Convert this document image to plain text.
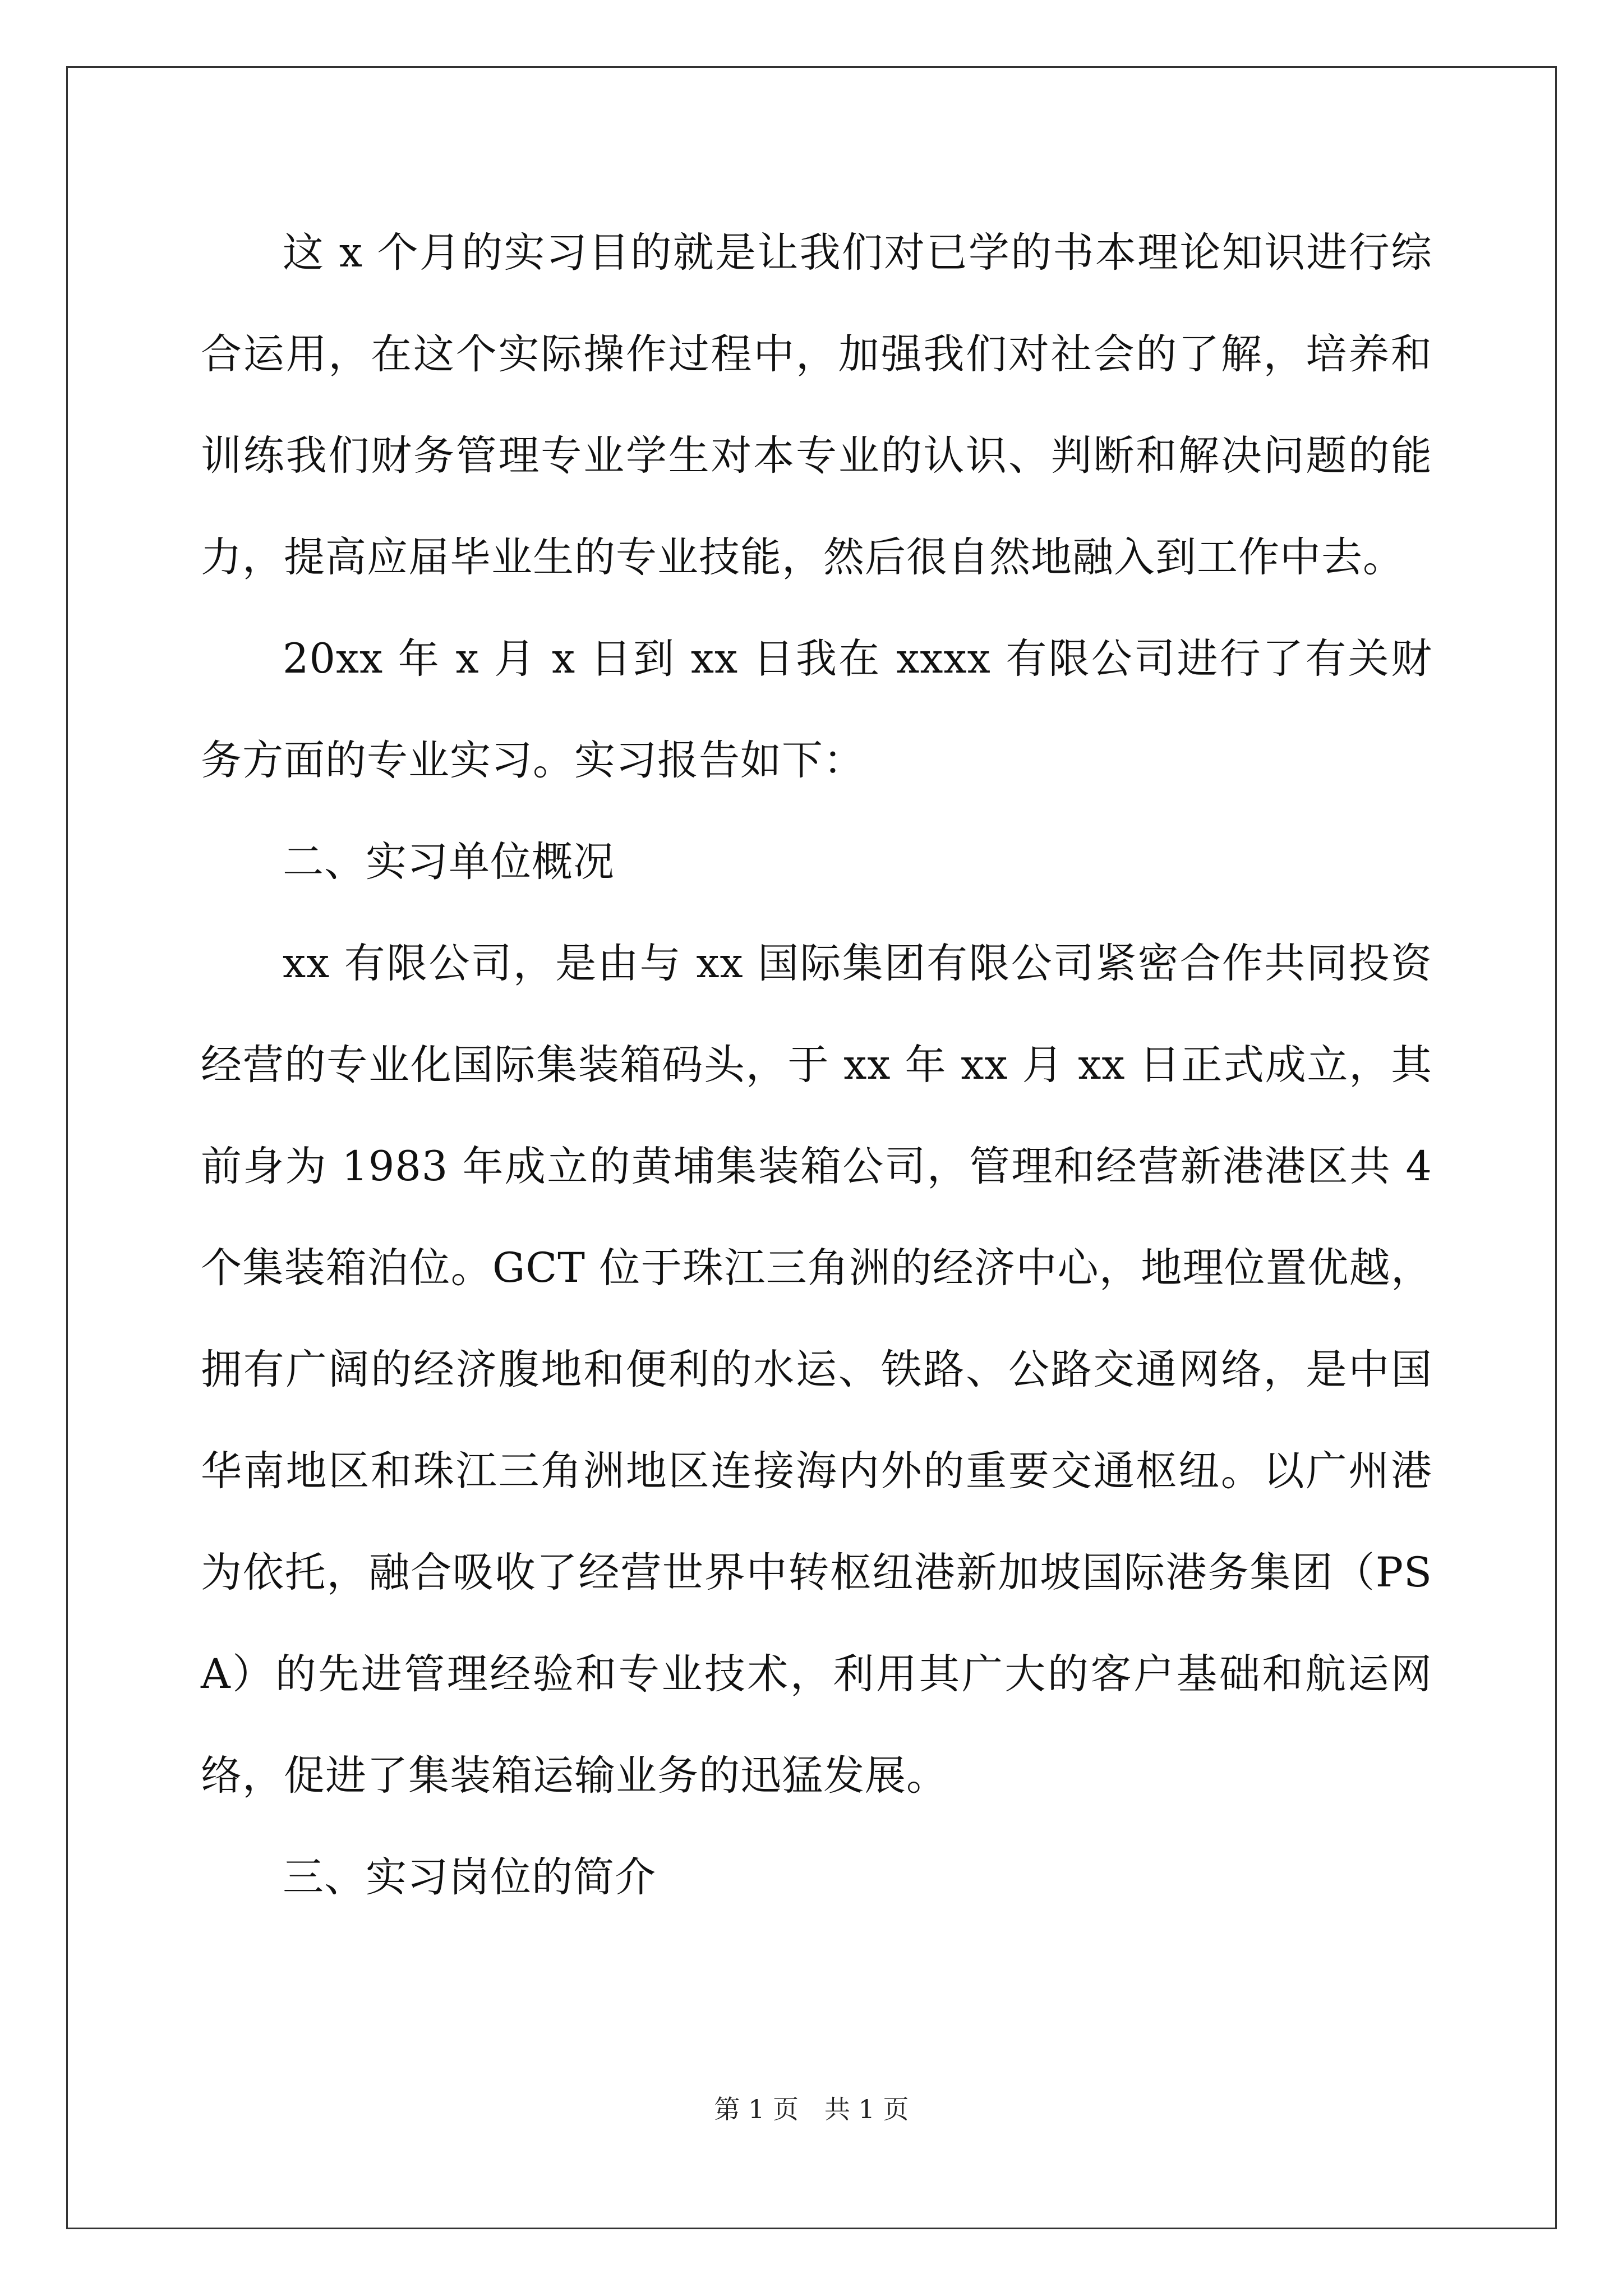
这 x 个月的实习目的就是让我们对已学的书本理论知识进行综合运用，在这个实际操作过程中，加强我们对社会的了解，培养和训练我们财务管理专业学生对本专业的认识、判断和解决问题的能力，提高应届毕业生的专业技能，然后很自然地融入到工作中去。

20xx 年 x 月 x 日到 xx 日我在 xxxx 有限公司进行了有关财务方面的专业实习。实习报告如下：

二、实习单位概况

xx 有限公司，是由与 xx 国际集团有限公司紧密合作共同投资经营的专业化国际集装箱码头，于 xx 年 xx 月 xx 日正式成立，其前身为 1983 年成立的黄埔集装箱公司，管理和经营新港港区共 4 个集装箱泊位。GCT 位于珠江三角洲的经济中心，地理位置优越，拥有广阔的经济腹地和便利的水运、铁路、公路交通网络，是中国华南地区和珠江三角洲地区连接海内外的重要交通枢纽。以广州港为依托，融合吸收了经营世界中转枢纽港新加坡国际港务集团（PSA）的先进管理经验和专业技术，利用其广大的客户基础和航运网络，促进了集装箱运输业务的迅猛发展。

三、实习岗位的简介

第 1 页 共 1 页
